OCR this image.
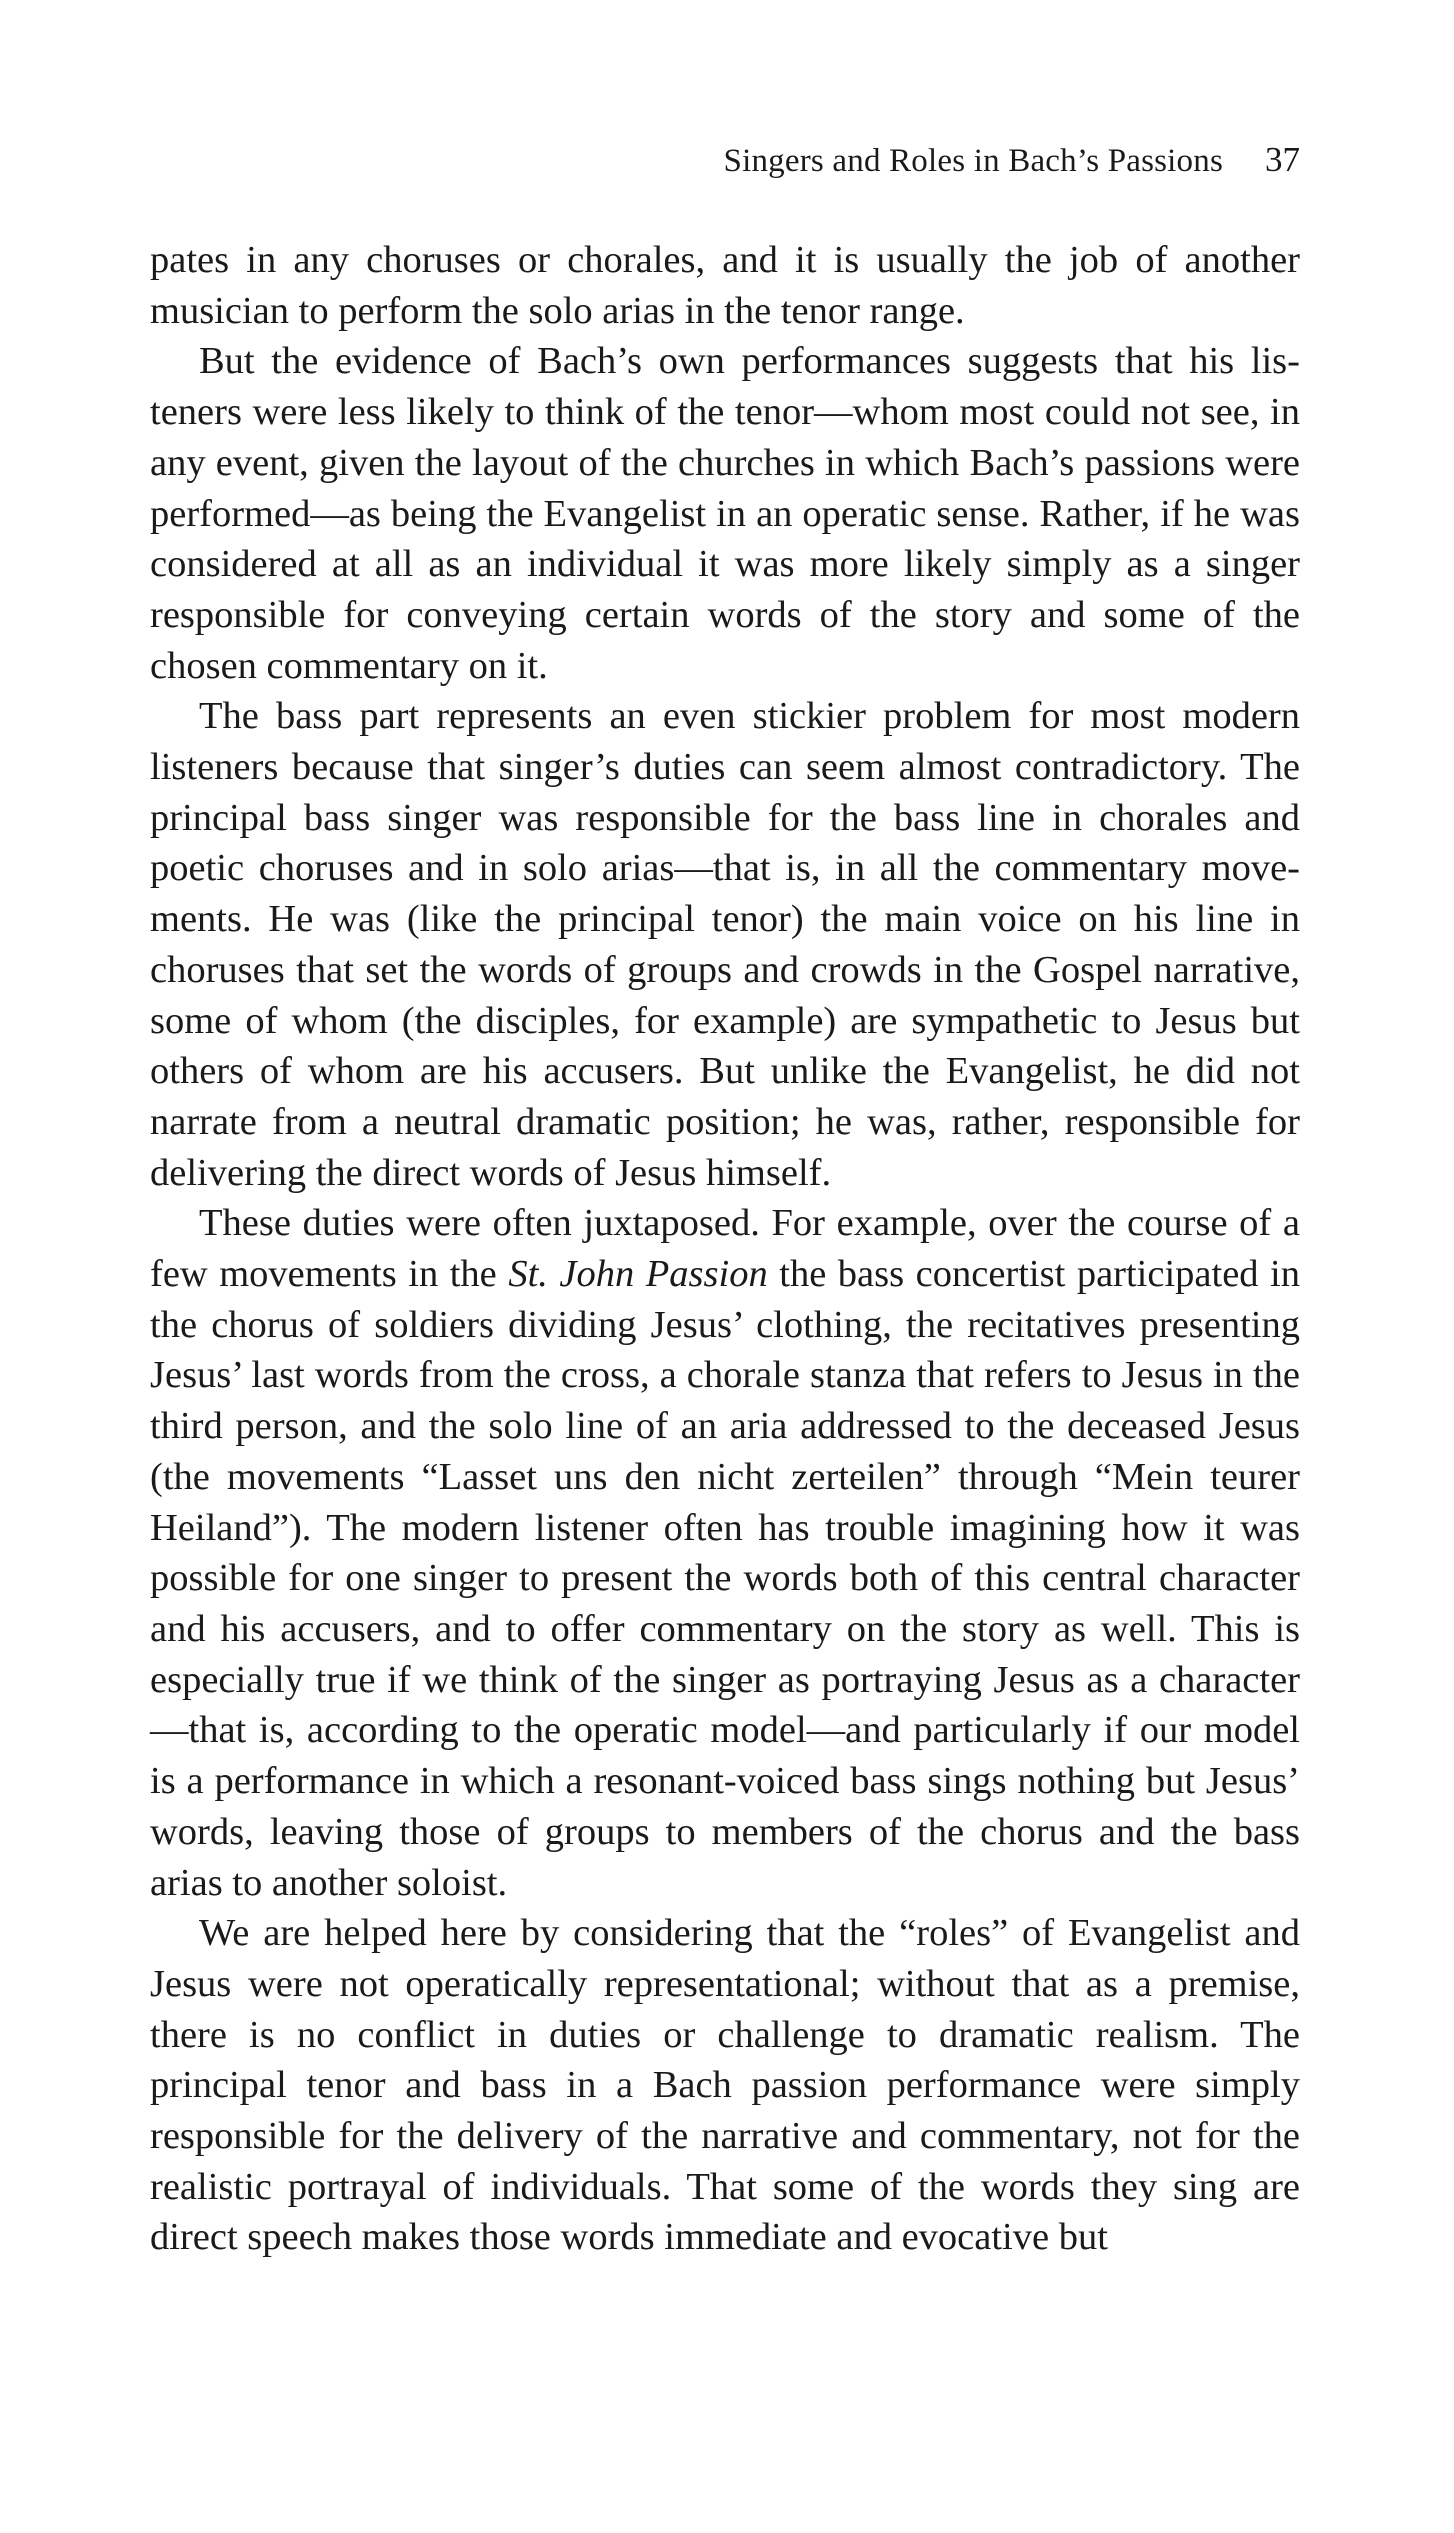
Singers and Roles in Bach’s Passions 37

pates in any choruses or chorales, and it is usually the job of another musician to perform the solo arias in the tenor range.

But the evidence of Bach’s own performances suggests that his listeners were less likely to think of the tenor—whom most could not see, in any event, given the layout of the churches in which Bach’s passions were performed—as being the Evangelist in an operatic sense. Rather, if he was considered at all as an individual it was more likely simply as a singer responsible for conveying certain words of the story and some of the chosen commentary on it.

The bass part represents an even stickier problem for most modern listeners because that singer’s duties can seem almost contradictory. The principal bass singer was responsible for the bass line in chorales and poetic choruses and in solo arias—that is, in all the commentary movements. He was (like the principal tenor) the main voice on his line in choruses that set the words of groups and crowds in the Gospel narrative, some of whom (the disciples, for example) are sympathetic to Jesus but others of whom are his accusers. But unlike the Evangelist, he did not narrate from a neutral dramatic position; he was, rather, responsible for delivering the direct words of Jesus himself.

These duties were often juxtaposed. For example, over the course of a few movements in the St. John Passion the bass concertist participated in the chorus of soldiers dividing Jesus’ clothing, the recitatives presenting Jesus’ last words from the cross, a chorale stanza that refers to Jesus in the third person, and the solo line of an aria addressed to the deceased Jesus (the movements “Lasset uns den nicht zerteilen” through “Mein teurer Heiland”). The modern listener often has trouble imagining how it was possible for one singer to present the words both of this central character and his accusers, and to offer commentary on the story as well. This is especially true if we think of the singer as portraying Jesus as a character—that is, according to the operatic model—and particularly if our model is a performance in which a resonant-voiced bass sings nothing but Jesus’ words, leaving those of groups to members of the chorus and the bass arias to another soloist.

We are helped here by considering that the “roles” of Evangelist and Jesus were not operatically representational; without that as a premise, there is no conflict in duties or challenge to dramatic realism. The principal tenor and bass in a Bach passion performance were simply responsible for the delivery of the narrative and commentary, not for the realistic portrayal of individuals. That some of the words they sing are direct speech makes those words immediate and evocative but
